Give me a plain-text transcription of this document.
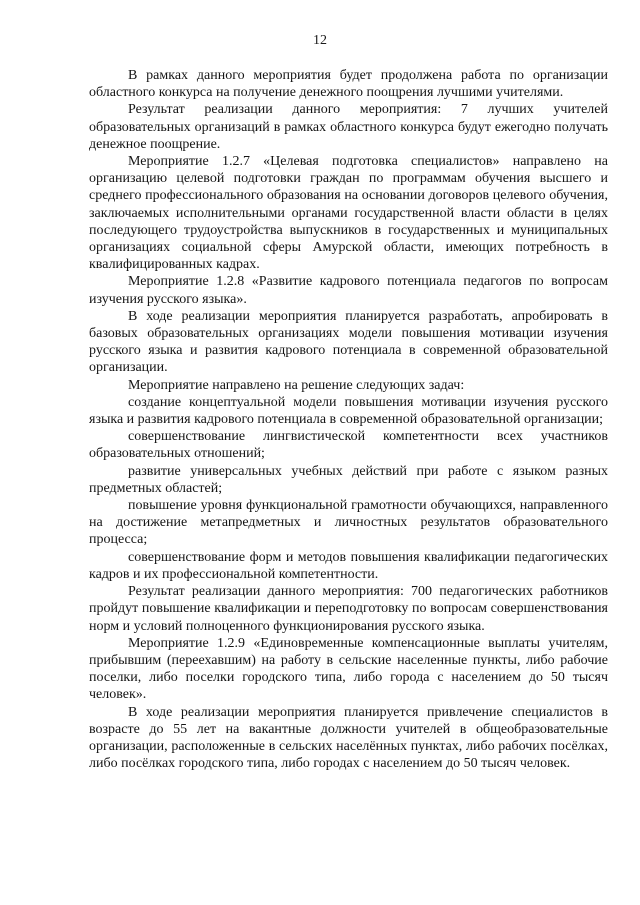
12

В рамках данного мероприятия будет продолжена работа по организации областного конкурса на получение денежного поощрения лучшими учителями.

Результат реализации данного мероприятия: 7 лучших учителей образовательных организаций в рамках областного конкурса будут ежегодно получать денежное поощрение.

Мероприятие 1.2.7 «Целевая подготовка специалистов» направлено на организацию целевой подготовки граждан по программам обучения высшего и среднего профессионального образования на основании договоров целевого обучения, заключаемых исполнительными органами государственной власти области в целях последующего трудоустройства выпускников в государственных и муниципальных организациях социальной сферы Амурской области, имеющих потребность в квалифицированных кадрах.

Мероприятие 1.2.8 «Развитие кадрового потенциала педагогов по вопросам изучения русского языка».

В ходе реализации мероприятия планируется разработать, апробировать в базовых образовательных организациях модели повышения мотивации изучения русского языка и развития кадрового потенциала в современной образовательной организации.

Мероприятие направлено на решение следующих задач:

создание концептуальной модели повышения мотивации изучения русского языка и развития кадрового потенциала в современной образовательной организации;

совершенствование лингвистической компетентности всех участников образовательных отношений;

развитие универсальных учебных действий при работе с языком разных предметных областей;

повышение уровня функциональной грамотности обучающихся, направленного на достижение метапредметных и личностных результатов образовательного процесса;

совершенствование форм и методов повышения квалификации педагогических кадров и их профессиональной компетентности.

Результат реализации данного мероприятия: 700 педагогических работников пройдут повышение квалификации и переподготовку по вопросам совершенствования норм и условий полноценного функционирования русского языка.

Мероприятие 1.2.9 «Единовременные компенсационные выплаты учителям, прибывшим (переехавшим) на работу в сельские населенные пункты, либо рабочие поселки, либо поселки городского типа, либо города с населением до 50 тысяч человек».

В ходе реализации мероприятия планируется привлечение специалистов в возрасте до 55 лет на вакантные должности учителей в общеобразовательные организации, расположенные в сельских населённых пунктах, либо рабочих посёлках, либо посёлках городского типа, либо городах с населением до 50 тысяч человек.
